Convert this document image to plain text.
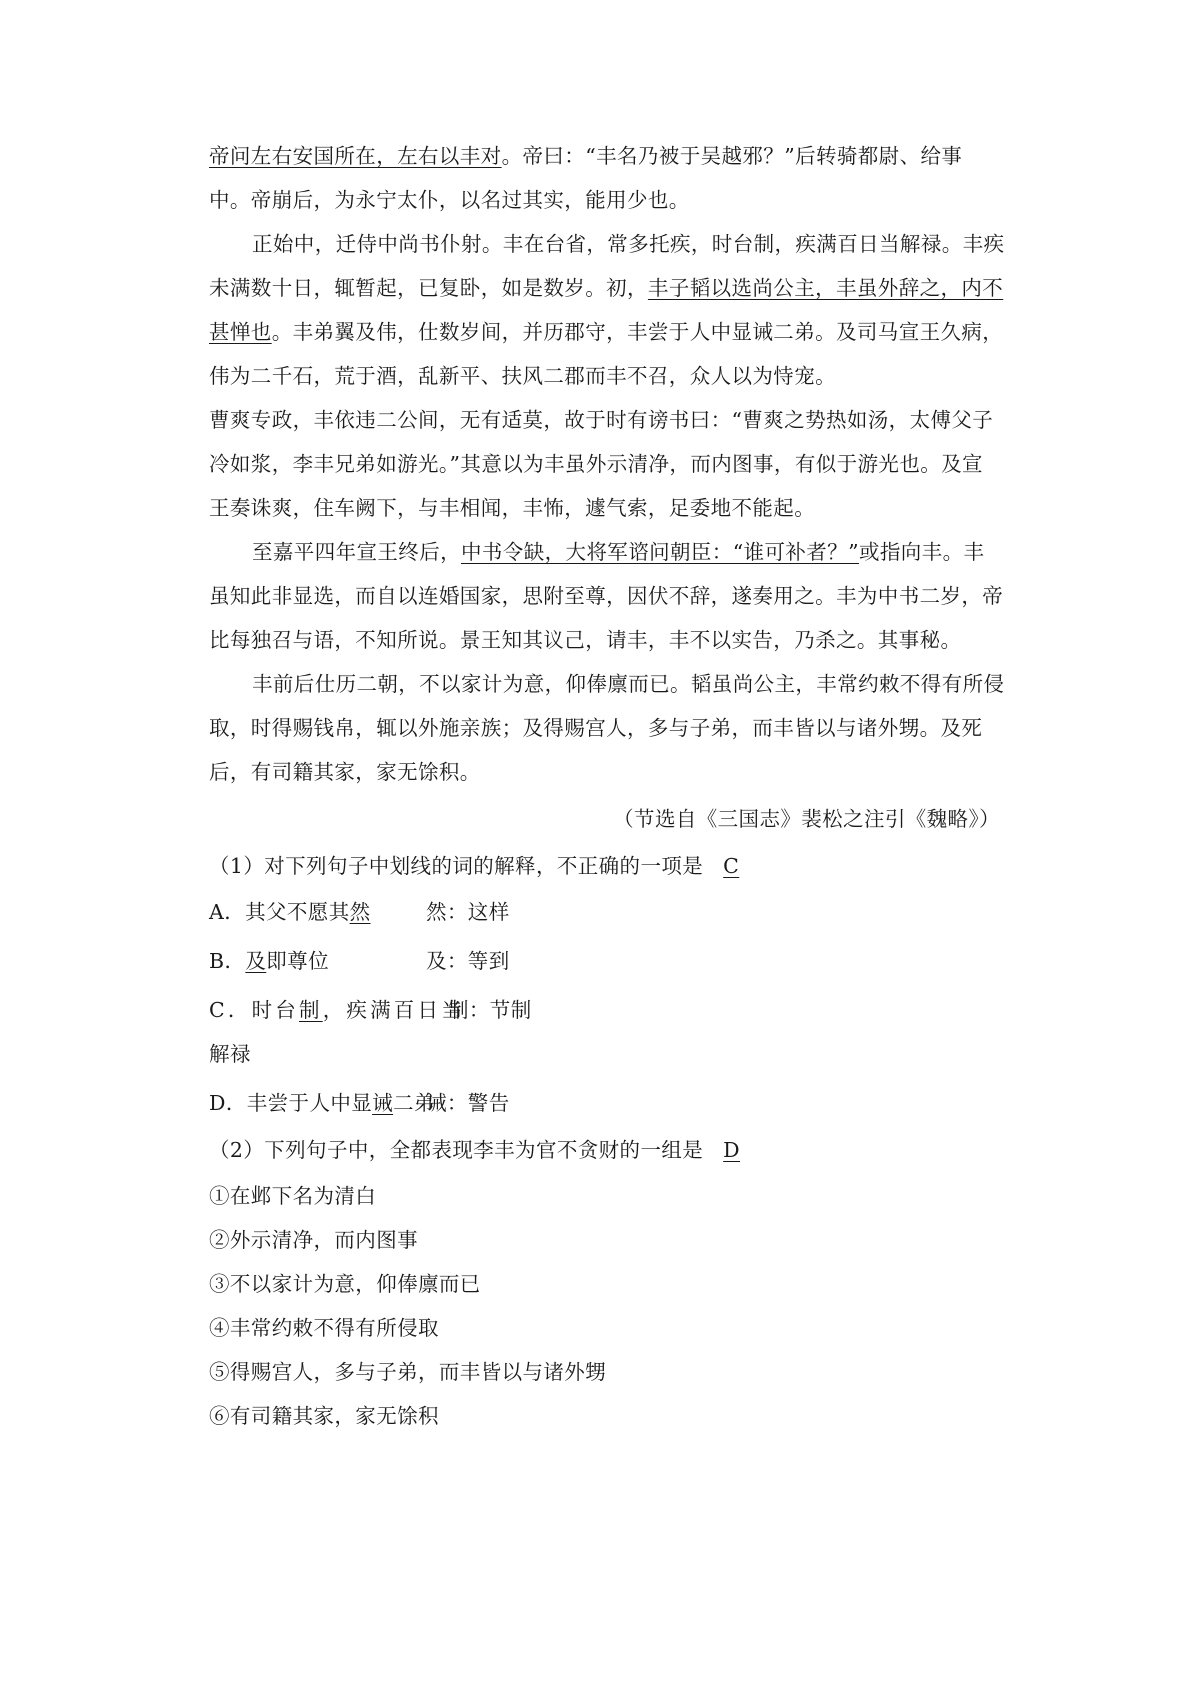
帝问左右安国所在，左右以丰对。帝曰：“丰名乃被于吴越邪？”后转骑都尉、给事
中。帝崩后，为永宁太仆，以名过其实，能用少也。
正始中，迁侍中尚书仆射。丰在台省，常多托疾，时台制，疾满百日当解禄。丰疾
未满数十日，辄暂起，已复卧，如是数岁。初，丰子韬以选尚公主，丰虽外辞之，内不
甚惮也。丰弟翼及伟，仕数岁间，并历郡守，丰尝于人中显诫二弟。及司马宣王久病，
伟为二千石，荒于酒，乱新平、扶风二郡而丰不召，众人以为恃宠。
曹爽专政，丰依违二公间，无有适莫，故于时有谤书曰：“曹爽之势热如汤，太傅父子
冷如浆，李丰兄弟如游光。”其意以为丰虽外示清净，而内图事，有似于游光也。及宣
王奏诛爽，住车阙下，与丰相闻，丰怖，遽气索，足委地不能起。
至嘉平四年宣王终后，中书令缺，大将军谘问朝臣：“谁可补者？”或指向丰。丰
虽知此非显选，而自以连婚国家，思附至尊，因伏不辞，遂奏用之。丰为中书二岁，帝
比每独召与语，不知所说。景王知其议己，请丰，丰不以实告，乃杀之。其事秘。
丰前后仕历二朝，不以家计为意，仰俸廪而已。韬虽尚公主，丰常约敕不得有所侵
取，时得赐钱帛，辄以外施亲族；及得赐宫人，多与子弟，而丰皆以与诸外甥。及死
后，有司籍其家，家无馀积。
（节选自《三国志》裴松之注引《魏略》）
（1）对下列句子中划线的词的解释，不正确的一项是 C
A．其父不愿其然	然：这样
B．及即尊位	及：等到
C．时台制，疾满百日当
制：节制
解禄
D．丰尝于人中显诫二弟
诫：警告
（2）下列句子中，全都表现李丰为官不贪财的一组是 D
①在邺下名为清白
②外示清净，而内图事
③不以家计为意，仰俸廪而已
④丰常约敕不得有所侵取
⑤得赐宫人，多与子弟，而丰皆以与诸外甥
⑥有司籍其家，家无馀积
